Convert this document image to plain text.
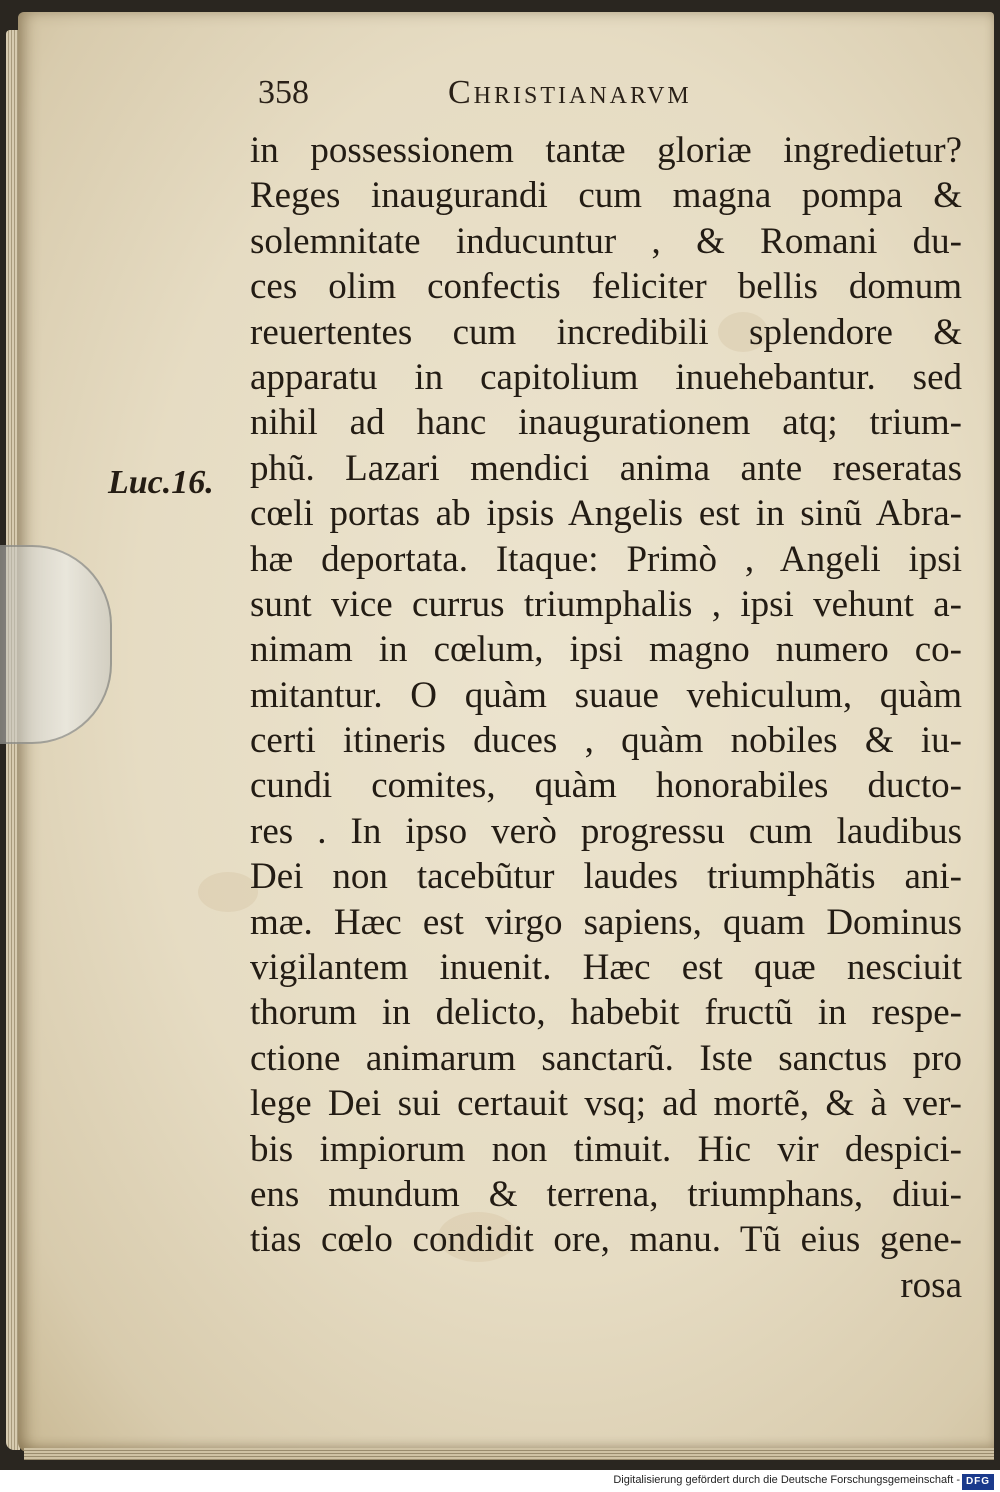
358	Christianarvm
Luc.16.
in possessionem tantæ gloriæ ingredietur?
Reges inaugurandi cum magna pompa &
solemnitate inducuntur , & Romani du-
ces olim confectis feliciter bellis domum
reuertentes cum incredibili splendore &
apparatu in capitolium inuehebantur. sed
nihil ad hanc inaugurationem atq; trium-
phũ. Lazari mendici anima ante reseratas
cœli portas ab ipsis Angelis est in sinũ Abra-
hæ deportata. Itaque: Primò , Angeli ipsi
sunt vice currus triumphalis , ipsi vehunt a-
nimam in cœlum, ipsi magno numero co-
mitantur. O quàm suaue vehiculum, quàm
certi itineris duces , quàm nobiles & iu-
cundi comites, quàm honorabiles ducto-
res . In ipso verò progressu cum laudibus
Dei non tacebũtur laudes triumphãtis ani-
mæ. Hæc est virgo sapiens, quam Dominus
vigilantem inuenit. Hæc est quæ nesciuit
thorum in delicto, habebit fructũ in respe-
ctione animarum sanctarũ. Iste sanctus pro
lege Dei sui certauit vsq; ad mortẽ, & à ver-
bis impiorum non timuit. Hic vir despici-
ens mundum & terrena, triumphans, diui-
tias cœlo condidit ore, manu. Tũ eius gene-
rosa
Digitalisierung gefördert durch die Deutsche Forschungsgemeinschaft - DFG
